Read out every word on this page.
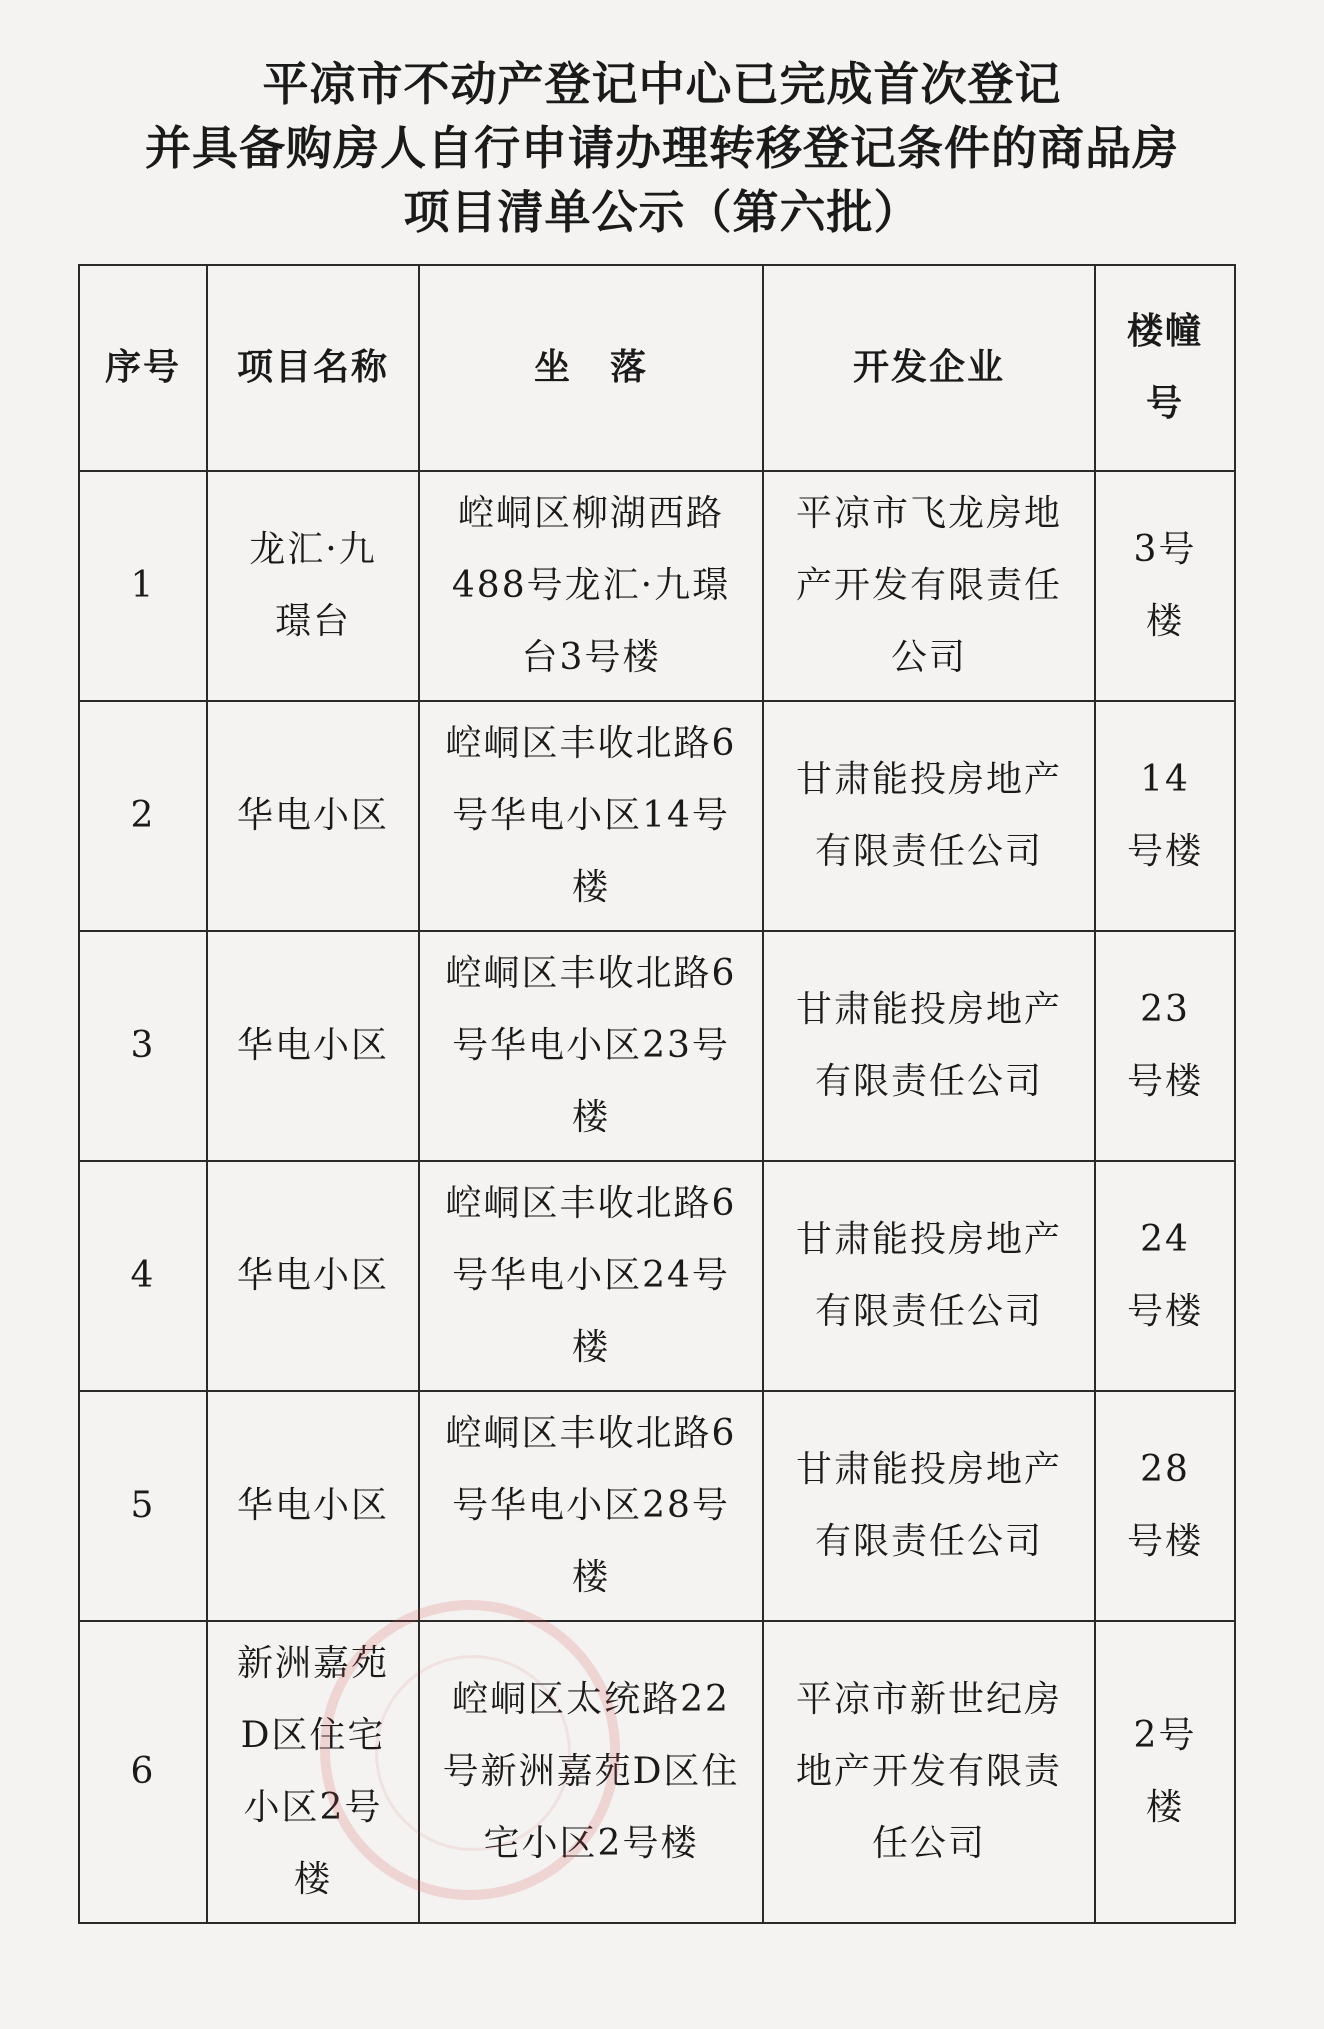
平凉市不动产登记中心已完成首次登记
并具备购房人自行申请办理转移登记条件的商品房
项目清单公示（第六批）
序号	项目名称	坐　落	开发企业	楼幢号
1	龙汇·九璟台	崆峒区柳湖西路488号龙汇·九璟台3号楼	平凉市飞龙房地产开发有限责任公司	3号楼
2	华电小区	崆峒区丰收北路6号华电小区14号楼	甘肃能投房地产有限责任公司	14号楼
3	华电小区	崆峒区丰收北路6号华电小区23号楼	甘肃能投房地产有限责任公司	23号楼
4	华电小区	崆峒区丰收北路6号华电小区24号楼	甘肃能投房地产有限责任公司	24号楼
5	华电小区	崆峒区丰收北路6号华电小区28号楼	甘肃能投房地产有限责任公司	28号楼
6	新洲嘉苑D区住宅小区2号楼	崆峒区太统路22号新洲嘉苑D区住宅小区2号楼	平凉市新世纪房地产开发有限责任公司	2号楼
